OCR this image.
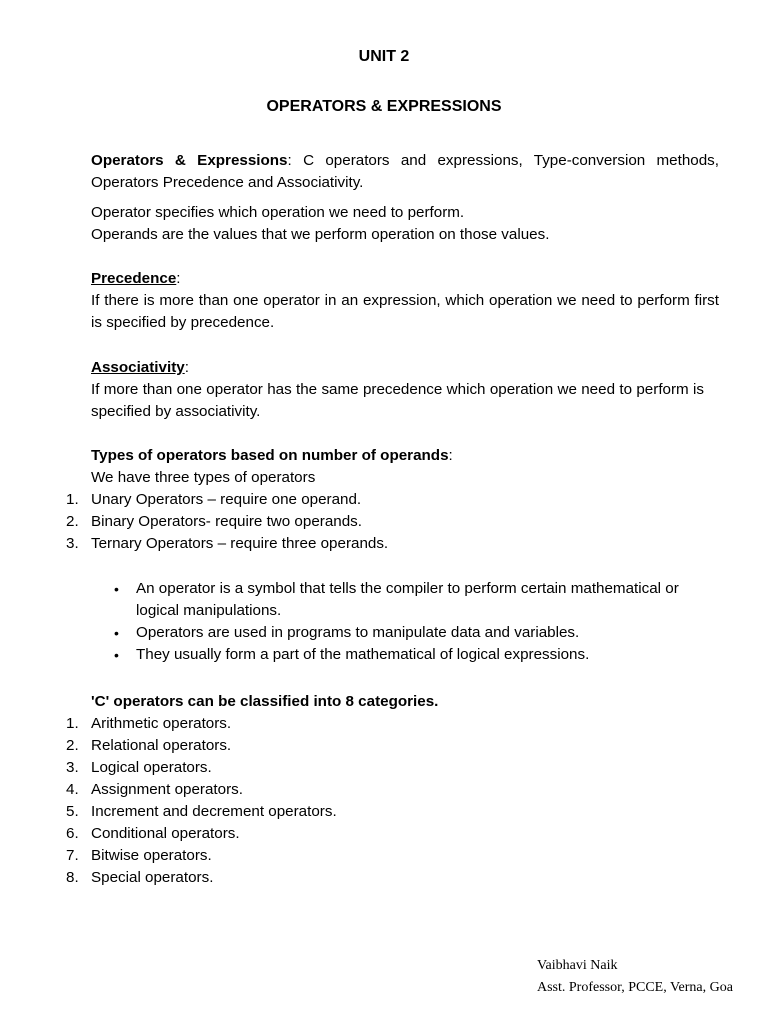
UNIT 2
OPERATORS & EXPRESSIONS
Operators & Expressions: C operators and expressions, Type-conversion methods, Operators Precedence and Associativity.
Operator specifies which operation we need to perform.
Operands are the values that we perform operation on those values.
Precedence:
If there is more than one operator in an expression, which operation we need to perform first is specified by precedence.
Associativity:
If more than one operator has the same precedence which operation we need to perform is specified by associativity.
Types of operators based on number of operands:
We have three types of operators
1. Unary Operators – require one operand.
2. Binary Operators- require two operands.
3. Ternary Operators – require three operands.
• An operator is a symbol that tells the compiler to perform certain mathematical or logical manipulations.
• Operators are used in programs to manipulate data and variables.
• They usually form a part of the mathematical of logical expressions.
'C' operators can be classified into 8 categories.
1. Arithmetic operators.
2. Relational operators.
3. Logical operators.
4. Assignment operators.
5. Increment and decrement operators.
6. Conditional operators.
7. Bitwise operators.
8. Special operators.
Vaibhavi Naik
Asst. Professor, PCCE, Verna, Goa
